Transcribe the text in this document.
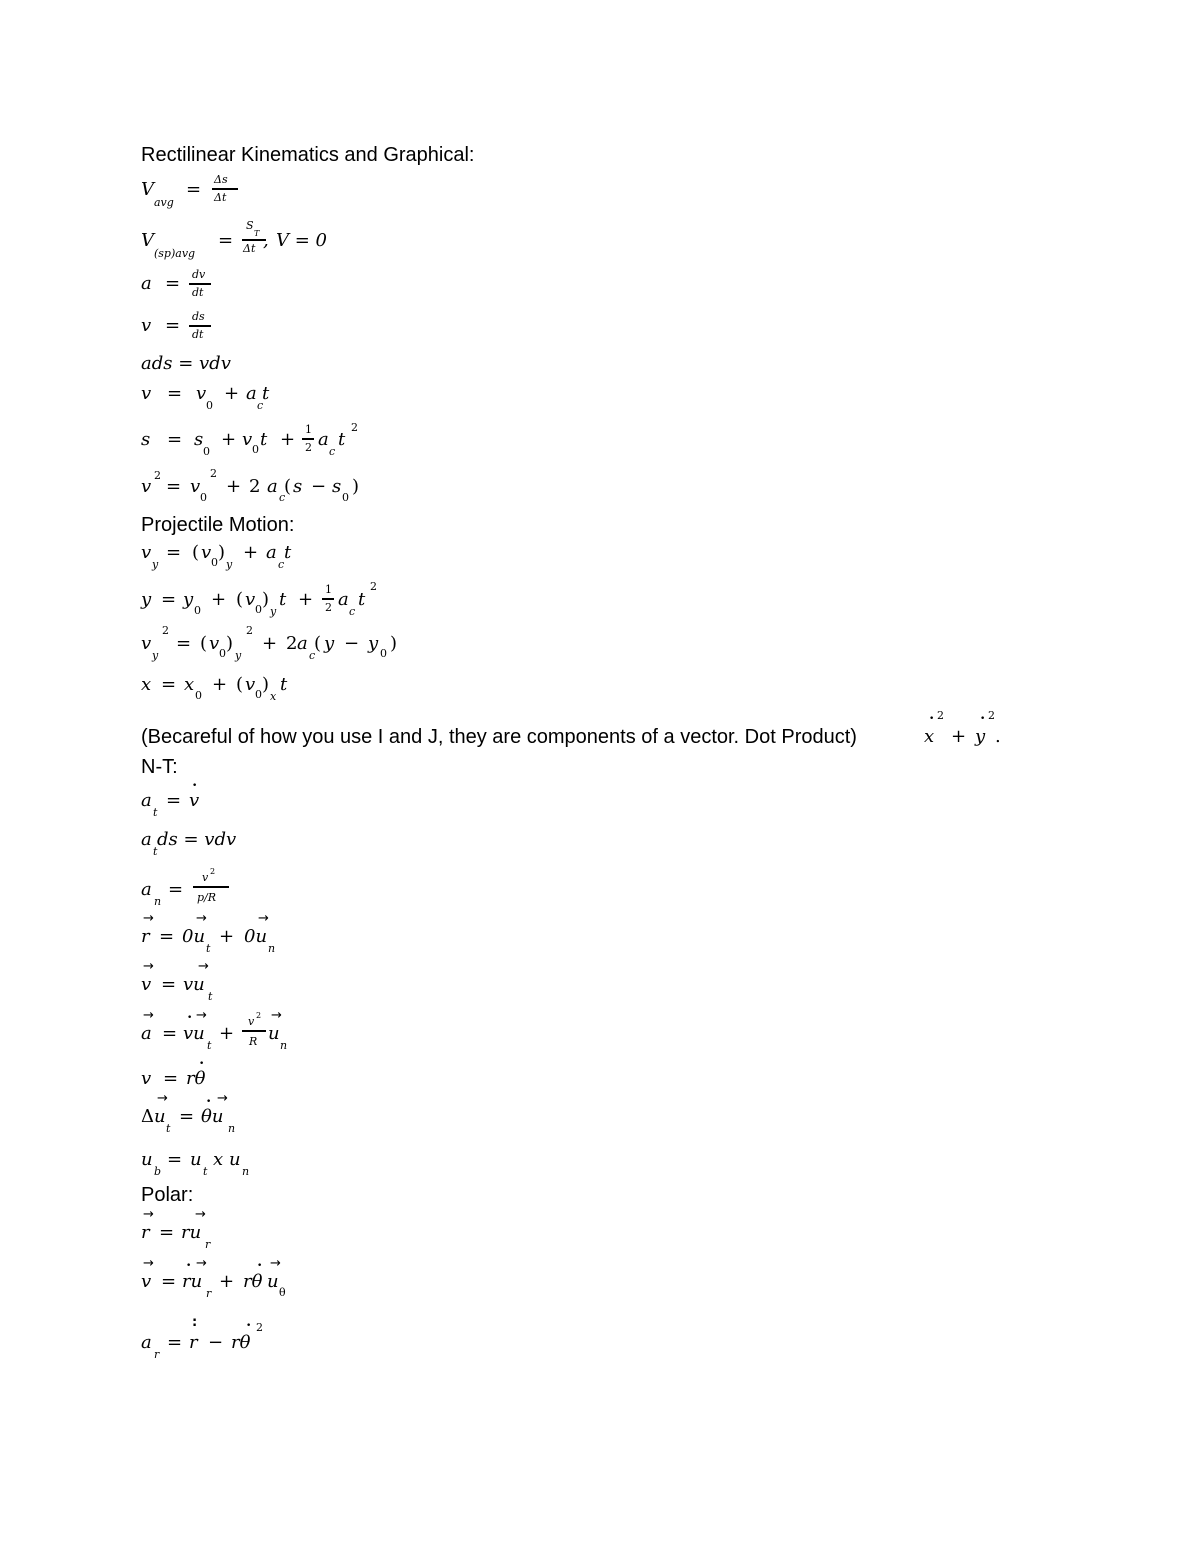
Rectilinear Kinematics and Graphical:
V
avg
= Δs
Δt
V
(sp)avg
=
S
T
Δt , V = 0
a = dv
dt
v = ds
dt
ads = vdv
v = v
0
+ a
c
t
s = s
0
+ v 0 t + 1
2 a
c
t
2
v
2
= v
0
2
+ 2 a
c
( s − s
0
)
Projectile Motion:
v
y
= ( v 0 )
y
+ a
c
t
y = y
0
+ ( v 0 )
y
t + 1
2 a
c
t
2
v
y
2
= ( v 0 )
y
2
+ 2 a
c
( y − y 0 )
x = x
0
+ ( v 0 )
x
t
(Becareful of how you use I and J, they are components of a vector. Dot Product)
• 2
x +
• 2
y .
N-T:
a
t
=
•
v
a
t
ds = vdv
a
n
=
v 2
p/R
→
r =
→
0u
t
+
→
0u
n
→
v =
→
vu
t
→
a =
• →
vu
t
+
v 2
R
→
u
n
v =
•
rθ
Δ
→
u
t
=
• →
θu
n
u
b
= u
t
x u
n
Polar:
→
r =
→
ru
r
→
v =
• →
ru
r
+
• →
rθ u
θ
a
r
=
:
r −
•
rθ
2
